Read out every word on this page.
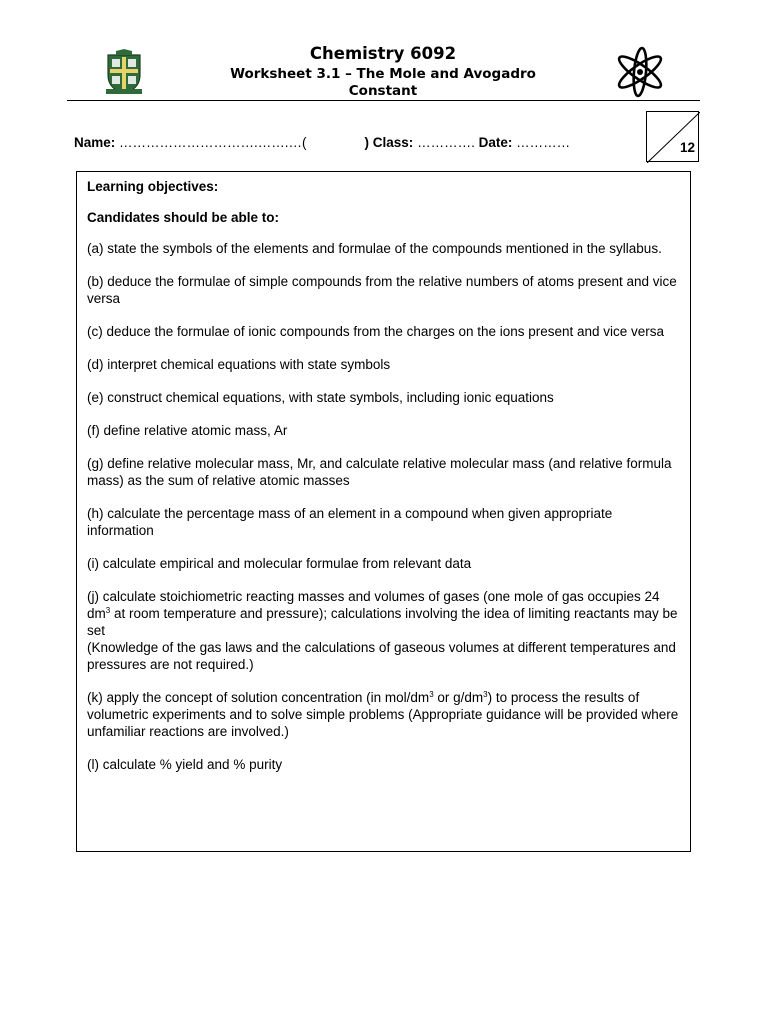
Chemistry 6092
Worksheet 3.1 – The Mole and Avogadro
Constant
Name: ………………………….…….…(	) Class: …………. Date: …………	12

Learning objectives:

Candidates should be able to:

(a) state the symbols of the elements and formulae of the compounds mentioned in the syllabus.

(b) deduce the formulae of simple compounds from the relative numbers of atoms present and vice versa

(c) deduce the formulae of ionic compounds from the charges on the ions present and vice versa

(d) interpret chemical equations with state symbols

(e) construct chemical equations, with state symbols, including ionic equations

(f) define relative atomic mass, Ar

(g) define relative molecular mass, Mr, and calculate relative molecular mass (and relative formula mass) as the sum of relative atomic masses

(h) calculate the percentage mass of an element in a compound when given appropriate information

(i) calculate empirical and molecular formulae from relevant data

(j) calculate stoichiometric reacting masses and volumes of gases (one mole of gas occupies 24 $dm^3$ at room temperature and pressure); calculations involving the idea of limiting reactants may be set

(Knowledge of the gas laws and the calculations of gaseous volumes at different temperatures and pressures are not required.)

(k) apply the concept of solution concentration (in mol/$dm^3$ or $g/dm^3$) to process the results of volumetric experiments and to solve simple problems (Appropriate guidance will be provided where unfamiliar reactions are involved.)

(l) calculate % yield and % purity
